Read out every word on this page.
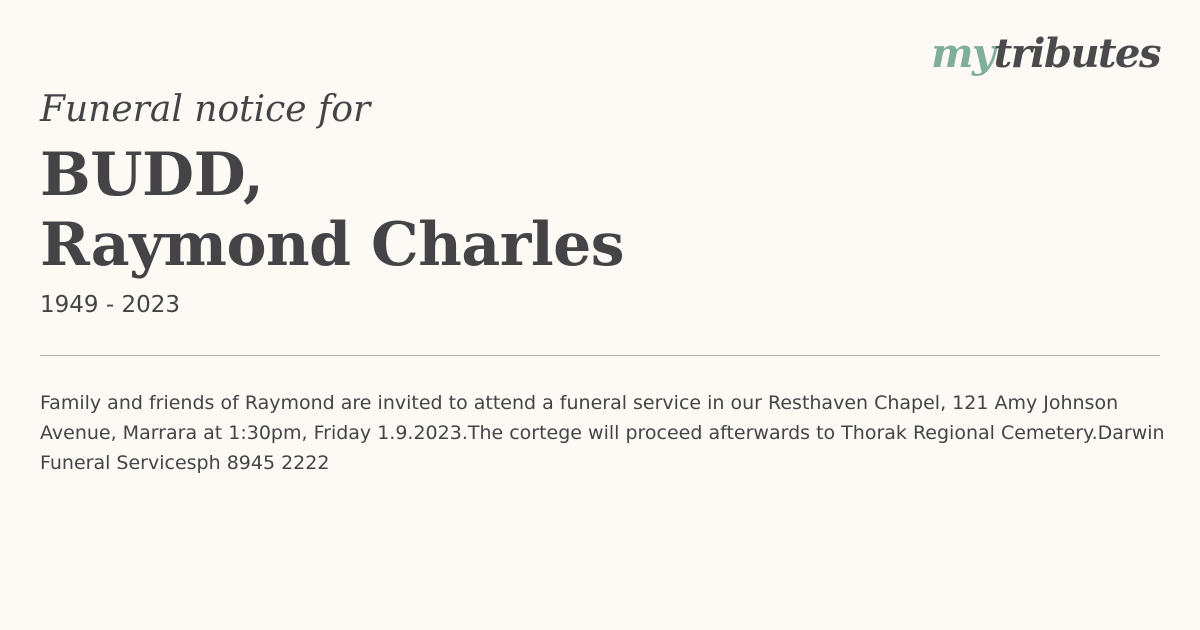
mytributes
Funeral notice for
BUDD,
Raymond Charles
1949 - 2023
Family and friends of Raymond are invited to attend a funeral service in our Resthaven Chapel, 121 Amy Johnson Avenue, Marrara at 1:30pm, Friday 1.9.2023.The cortege will proceed afterwards to Thorak Regional Cemetery.Darwin Funeral Servicesph 8945 2222
